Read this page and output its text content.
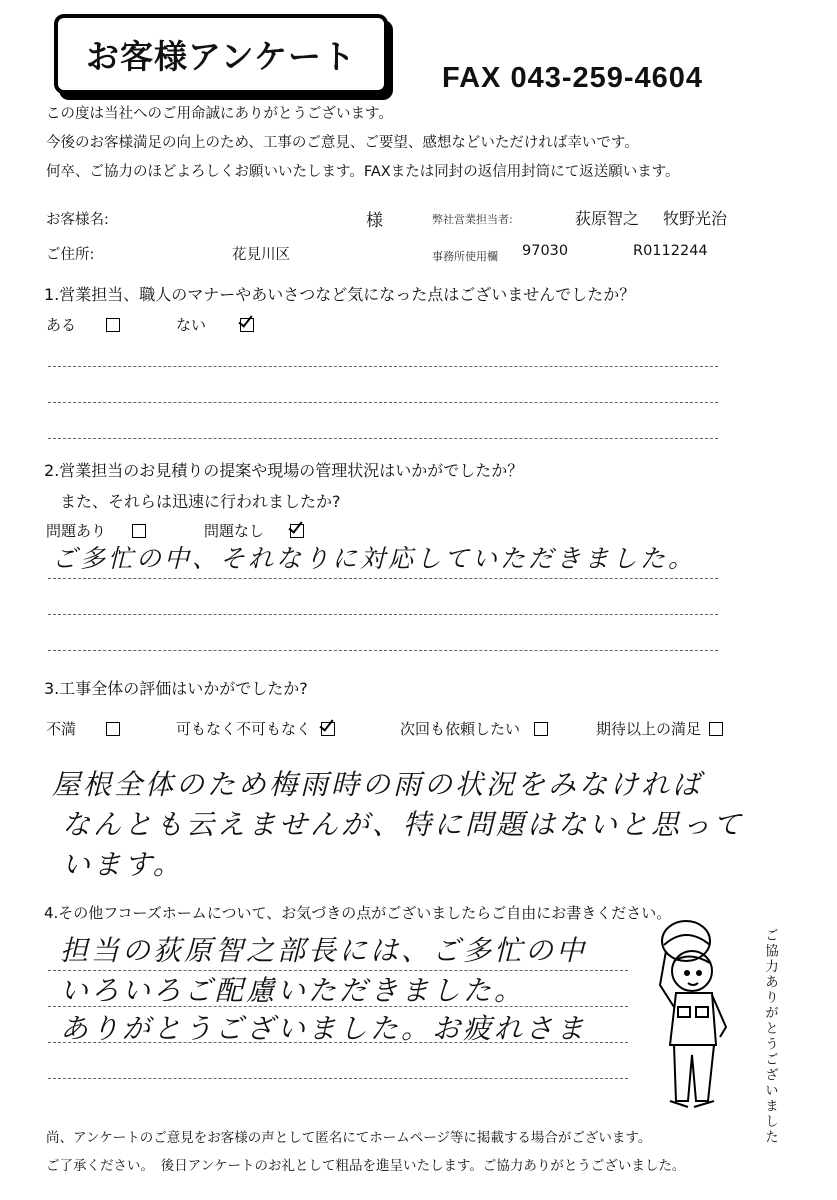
お客様アンケート
FAX 043-259-4604
この度は当社へのご用命誠にありがとうございます。
今後のお客様満足の向上のため、工事のご意見、ご要望、感想などいただければ幸いです。
何卒、ご協力のほどよろしくお願いいたします。FAXまたは同封の返信用封筒にて返送願います。
お客様名:	様	弊社営業担当者:	荻原智之 牧野光治
ご住所:	花見川区	事務所使用欄 97030	R0112244
1.営業担当、職人のマナーやあいさつなど気になった点はございませんでしたか？
ある	ない
2.営業担当のお見積りの提案や現場の管理状況はいかがでしたか？
また、それらは迅速に行われましたか?
問題あり	問題なし
ご多忙の中、それなりに対応していただきました。
3.工事全体の評価はいかがでしたか?
不満	可もなく不可もなく	次回も依頼したい	期待以上の満足
屋根全体のため梅雨時の雨の状況をみなければ
なんとも云えませんが、特に問題はないと思って
います。
4.その他フコーズホームについて、お気づきの点がございましたらご自由にお書きください。
担当の荻原智之部長には、ご多忙の中
いろいろご配慮いただきました。
ありがとうございました。お疲れさま	ご協力ありがとうございました
尚、アンケートのご意見をお客様の声として匿名にてホームページ等に掲載する場合がございます。
ご了承ください。　後日アンケートのお礼として粗品を進呈いたします。ご協力ありがとうございました。
